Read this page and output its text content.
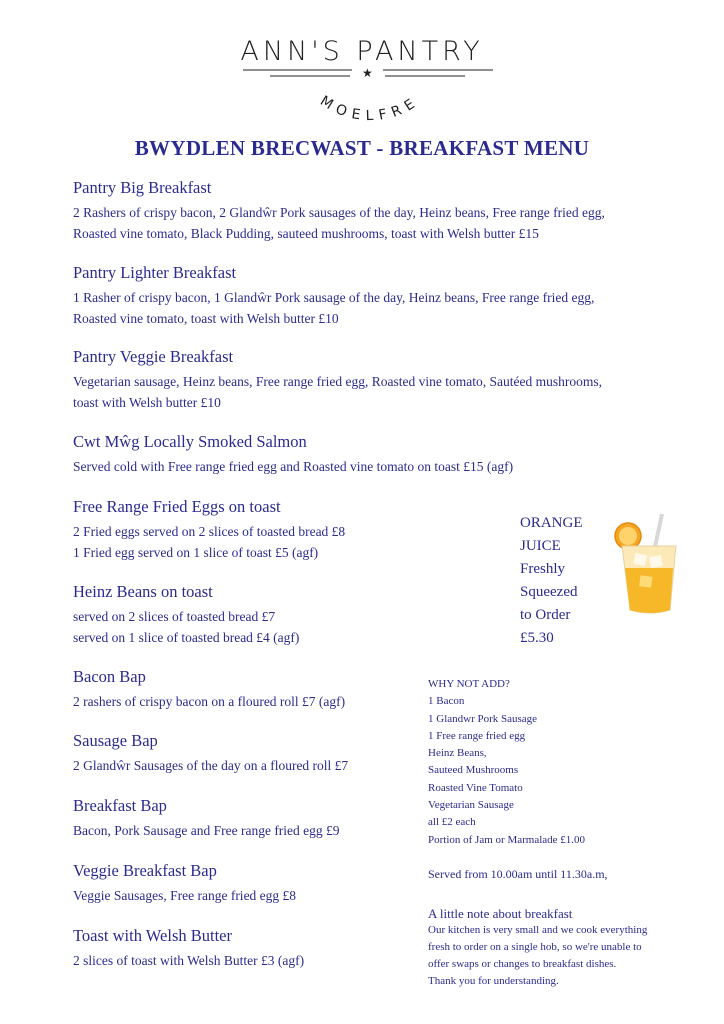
ANN'S PANTRY
MOELFRE
★
BWYDLEN BRECWAST - BREAKFAST MENU
Pantry Big Breakfast
2 Rashers of crispy bacon, 2 Glandŵr Pork sausages of the day, Heinz beans, Free range fried egg,
Roasted vine tomato, Black Pudding, sauteed mushrooms, toast with Welsh butter £15
Pantry Lighter Breakfast
1 Rasher of crispy bacon, 1 Glandŵr Pork sausage of the day, Heinz beans, Free range fried egg,
Roasted vine tomato, toast with Welsh butter £10
Pantry Veggie Breakfast
Vegetarian sausage, Heinz beans, Free range fried egg, Roasted vine tomato, Sautéed mushrooms,
toast with Welsh butter £10
Cwt Mŵg Locally Smoked Salmon
Served cold with Free range fried egg and Roasted vine tomato on toast £15 (agf)
Free Range Fried Eggs on toast
2 Fried eggs served on 2 slices of toasted bread £8
1 Fried egg served on 1 slice of toast £5 (agf)
Heinz Beans on toast
served on 2 slices of toasted bread £7
served on 1 slice of toasted bread £4 (agf)
Bacon Bap
2 rashers of crispy bacon on a floured roll £7 (agf)
Sausage Bap
2 Glandŵr Sausages of the day on a floured roll £7
Breakfast Bap
Bacon, Pork Sausage and Free range fried egg £9
Veggie Breakfast Bap
Veggie Sausages, Free range fried egg £8
Toast with Welsh Butter
2 slices of toast with Welsh Butter £3 (agf)
ORANGE
JUICE
Freshly
Squeezed
to Order
£5.30
WHY NOT ADD?
1 Bacon
1 Glandwr Pork Sausage
1 Free range fried egg
Heinz Beans,
Sauteed Mushrooms
Roasted Vine Tomato
Vegetarian Sausage
all £2 each
Portion of Jam or Marmalade £1.00
Served from 10.00am until 11.30a.m,
A little note about breakfast
Our kitchen is very small and we cook everything
fresh to order on a single hob, so we're unable to
offer swaps or changes to breakfast dishes.
Thank you for understanding.
